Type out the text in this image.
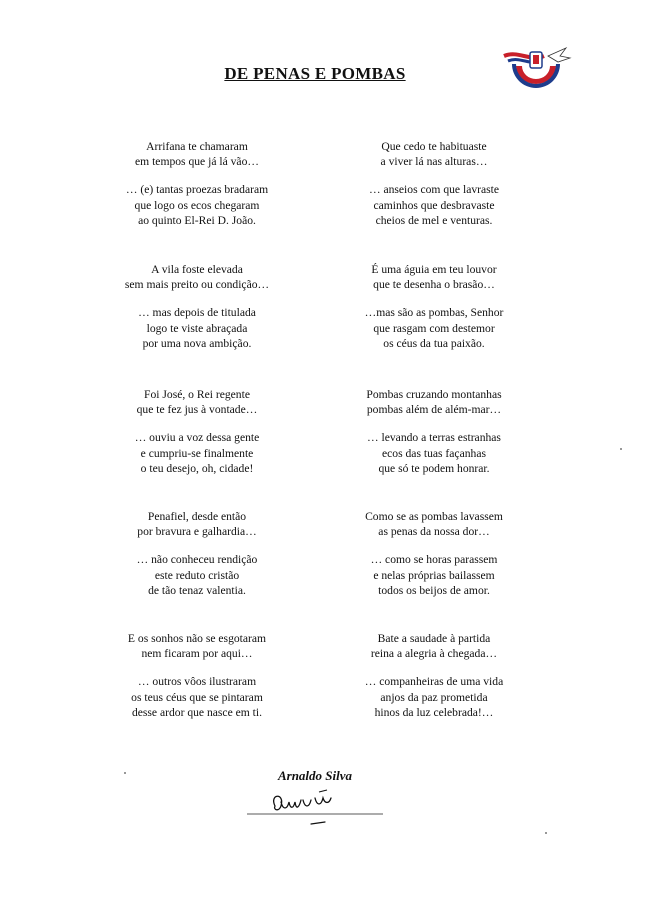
DE PENAS E POMBAS
Arrifana te chamaram
em tempos que já lá vão…
… (e) tantas proezas bradaram
que logo os ecos chegaram
ao quinto El-Rei D. João.
A vila foste elevada
sem mais preito ou condição…
… mas depois de titulada
logo te viste abraçada
por uma nova ambição.
Foi José, o Rei regente
que te fez jus à vontade…
… ouviu a voz dessa gente
e cumpriu-se finalmente
o teu desejo, oh, cidade!
Penafiel, desde então
por bravura e galhardia…
… não conheceu rendição
este reduto cristão
de tão tenaz valentia.
E os sonhos não se esgotaram
nem ficaram por aqui…
… outros vôos ilustraram
os teus céus que se pintaram
desse ardor que nasce em ti.
Que cedo te habituaste
a viver lá nas alturas…
… anseios com que lavraste
caminhos que desbravaste
cheios de mel e venturas.
É uma águia em teu louvor
que te desenha o brasão…
…mas são as pombas, Senhor
que rasgam com destemor
os céus da tua paixão.
Pombas cruzando montanhas
pombas além de além-mar…
… levando a terras estranhas
ecos das tuas façanhas
que só te podem honrar.
Como se as pombas lavassem
as penas da nossa dor…
… como se horas parassem
e nelas próprias bailassem
todos os beijos de amor.
Bate a saudade à partida
reina a alegria à chegada…
… companheiras de uma vida
anjos da paz prometida
hinos da luz celebrada!…
Arnaldo Silva
